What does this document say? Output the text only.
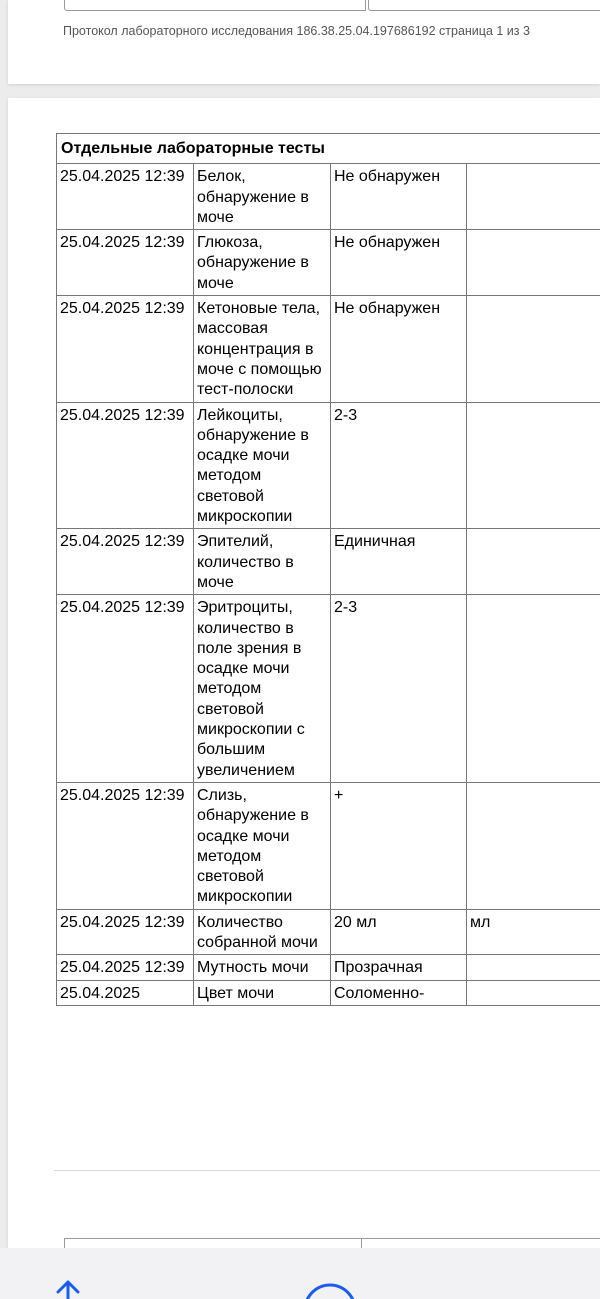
Протокол лабораторного исследования 186.38.25.04.197686192 страница 1 из 3
Отдельные лабораторные тесты			
25.04.2025 12:39	Белок, обнаружение в моче	Не обнаружен	
25.04.2025 12:39	Глюкоза, обнаружение в моче	Не обнаружен	
25.04.2025 12:39	Кетоновые тела, массовая концентрация в моче с помощью тест-полоски	Не обнаружен	
25.04.2025 12:39	Лейкоциты, обнаружение в осадке мочи методом световой микроскопии	2-3	
25.04.2025 12:39	Эпителий, количество в моче	Единичная	
25.04.2025 12:39	Эритроциты, количество в поле зрения в осадке мочи методом световой микроскопии с большим увеличением	2-3	
25.04.2025 12:39	Слизь, обнаружение в осадке мочи методом световой микроскопии	+	
25.04.2025 12:39	Количество собранной мочи	20 мл	мл
25.04.2025 12:39	Мутность мочи	Прозрачная	
25.04.2025	Цвет мочи	Соломенно-	
